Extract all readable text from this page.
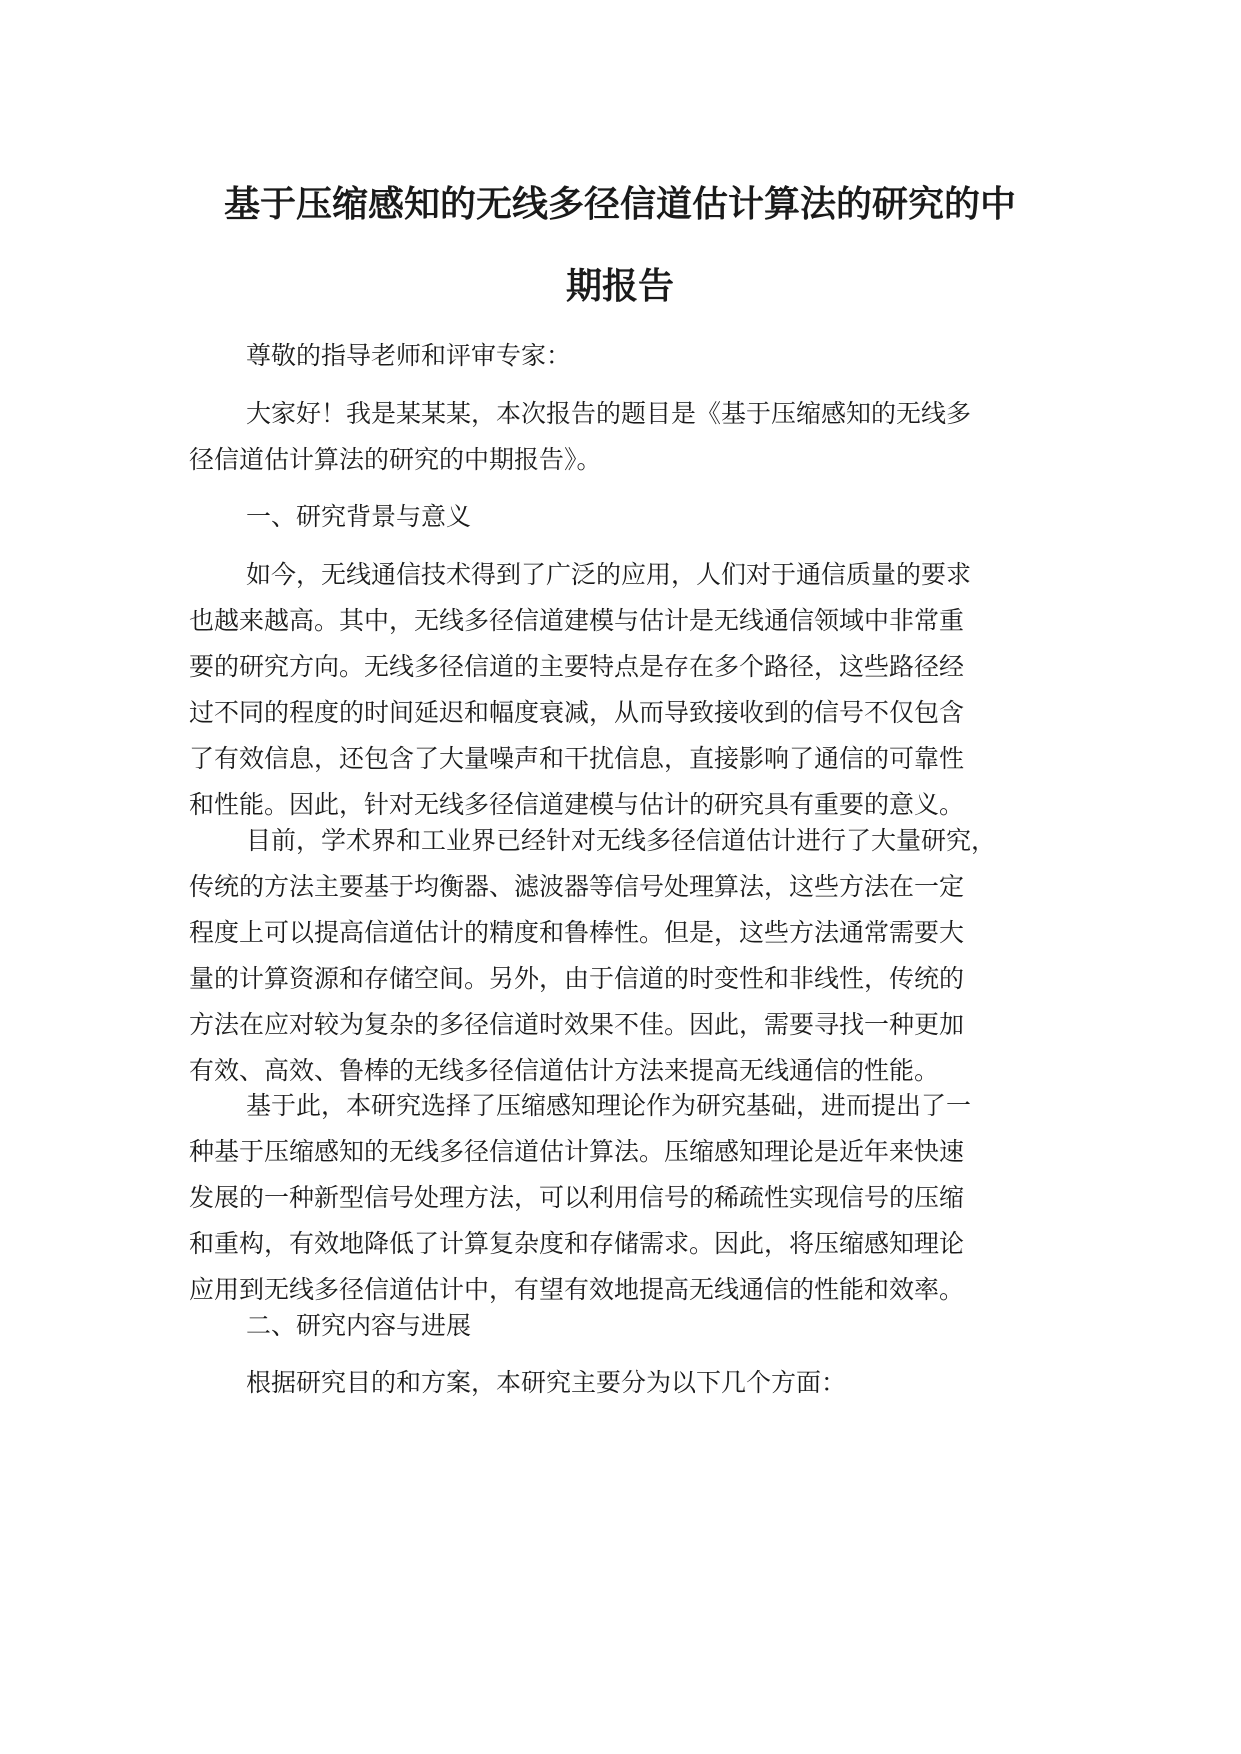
基于压缩感知的无线多径信道估计算法的研究的中
期报告
尊敬的指导老师和评审专家：
大家好！我是某某某，本次报告的题目是《基于压缩感知的无线多
径信道估计算法的研究的中期报告》。
一、研究背景与意义
如今，无线通信技术得到了广泛的应用，人们对于通信质量的要求
也越来越高。其中，无线多径信道建模与估计是无线通信领域中非常重
要的研究方向。无线多径信道的主要特点是存在多个路径，这些路径经
过不同的程度的时间延迟和幅度衰减，从而导致接收到的信号不仅包含
了有效信息，还包含了大量噪声和干扰信息，直接影响了通信的可靠性
和性能。因此，针对无线多径信道建模与估计的研究具有重要的意义。
目前，学术界和工业界已经针对无线多径信道估计进行了大量研究，
传统的方法主要基于均衡器、滤波器等信号处理算法，这些方法在一定
程度上可以提高信道估计的精度和鲁棒性。但是，这些方法通常需要大
量的计算资源和存储空间。另外，由于信道的时变性和非线性，传统的
方法在应对较为复杂的多径信道时效果不佳。因此，需要寻找一种更加
有效、高效、鲁棒的无线多径信道估计方法来提高无线通信的性能。
基于此，本研究选择了压缩感知理论作为研究基础，进而提出了一
种基于压缩感知的无线多径信道估计算法。压缩感知理论是近年来快速
发展的一种新型信号处理方法，可以利用信号的稀疏性实现信号的压缩
和重构，有效地降低了计算复杂度和存储需求。因此，将压缩感知理论
应用到无线多径信道估计中，有望有效地提高无线通信的性能和效率。
二、研究内容与进展
根据研究目的和方案，本研究主要分为以下几个方面：
